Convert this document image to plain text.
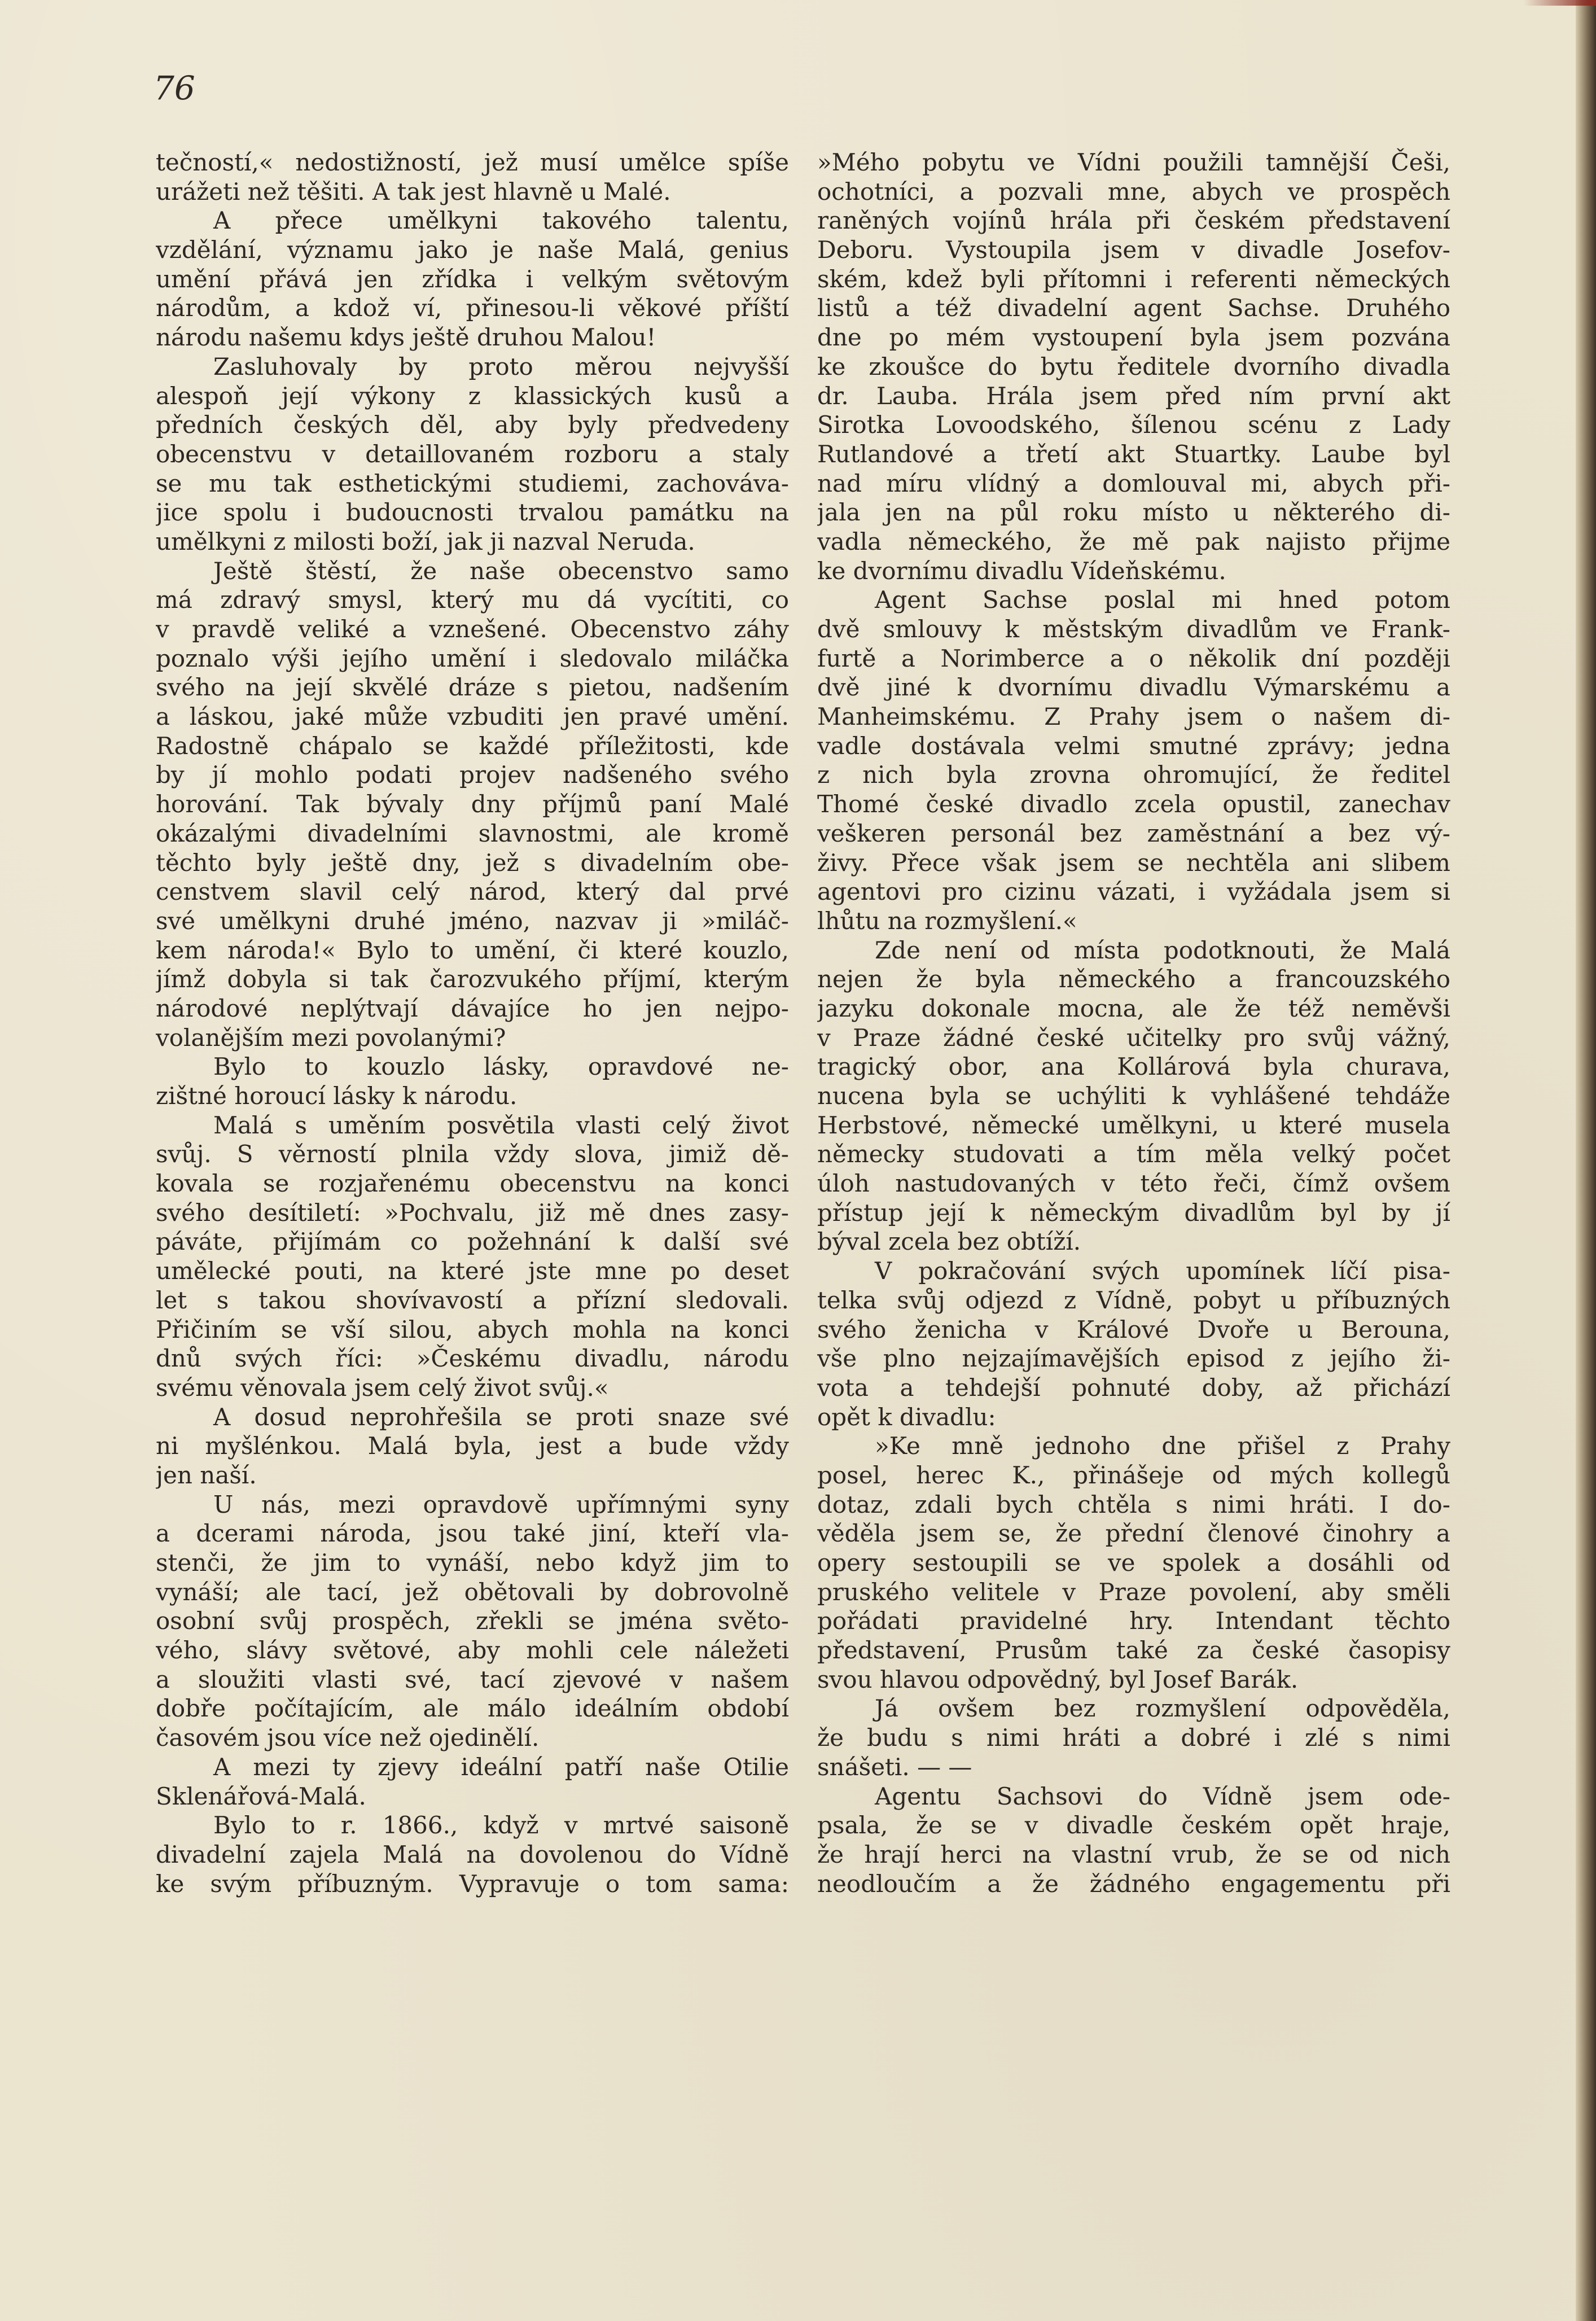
76
tečností,« nedostižností, jež musí umělce spíše
urážeti než těšiti. A tak jest hlavně u Malé.
A přece umělkyni takového talentu,
vzdělání, významu jako je naše Malá, genius
umění přává jen zřídka i velkým světovým
národům, a kdož ví, přinesou-li věkové příští
národu našemu kdys ještě druhou Malou!
Zasluhovaly by proto měrou nejvyšší
alespoň její výkony z klassických kusů a
předních českých děl, aby byly předvedeny
obecenstvu v detaillovaném rozboru a staly
se mu tak esthetickými studiemi, zachováva-
jice spolu i budoucnosti trvalou památku na
umělkyni z milosti boží, jak ji nazval Neruda.
Ještě štěstí, že naše obecenstvo samo
má zdravý smysl, který mu dá vycítiti, co
v pravdě veliké a vznešené. Obecenstvo záhy
poznalo výši jejího umění i sledovalo miláčka
svého na její skvělé dráze s pietou, nadšením
a láskou, jaké může vzbuditi jen pravé umění.
Radostně chápalo se každé příležitosti, kde
by jí mohlo podati projev nadšeného svého
horování. Tak bývaly dny příjmů paní Malé
okázalými divadelními slavnostmi, ale kromě
těchto byly ještě dny, jež s divadelním obe-
censtvem slavil celý národ, který dal prvé
své umělkyni druhé jméno, nazvav ji »miláč-
kem národa!« Bylo to umění, či které kouzlo,
jímž dobyla si tak čarozvukého příjmí, kterým
národové neplýtvají dávajíce ho jen nejpo-
volanějším mezi povolanými?
Bylo to kouzlo lásky, opravdové ne-
zištné horoucí lásky k národu.
Malá s uměním posvětila vlasti celý život
svůj. S věrností plnila vždy slova, jimiž dě-
kovala se rozjařenému obecenstvu na konci
svého desítiletí: »Pochvalu, již mě dnes zasy-
páváte, přijímám co požehnání k další své
umělecké pouti, na které jste mne po deset
let s takou shovívavostí a přízní sledovali.
Přičiním se vší silou, abych mohla na konci
dnů svých říci: »Českému divadlu, národu
svému věnovala jsem celý život svůj.«
A dosud neprohřešila se proti snaze své
ni myšlénkou. Malá byla, jest a bude vždy
jen naší.
U nás, mezi opravdově upřímnými syny
a dcerami národa, jsou také jiní, kteří vla-
stenči, že jim to vynáší, nebo když jim to
vynáší; ale tací, jež obětovali by dobrovolně
osobní svůj prospěch, zřekli se jména světo-
vého, slávy světové, aby mohli cele náležeti
a sloužiti vlasti své, tací zjevové v našem
dobře počítajícím, ale málo ideálním období
časovém jsou více než ojedinělí.
A mezi ty zjevy ideální patří naše Otilie
Sklenářová-Malá.
Bylo to r. 1866., když v mrtvé saisoně
divadelní zajela Malá na dovolenou do Vídně
ke svým příbuzným. Vypravuje o tom sama:
»Mého pobytu ve Vídni použili tamnější Češi,
ochotníci, a pozvali mne, abych ve prospěch
raněných vojínů hrála při českém představení
Deboru. Vystoupila jsem v divadle Josefov-
ském, kdež byli přítomni i referenti německých
listů a též divadelní agent Sachse. Druhého
dne po mém vystoupení byla jsem pozvána
ke zkoušce do bytu ředitele dvorního divadla
dr. Lauba. Hrála jsem před ním první akt
Sirotka Lovoodského, šílenou scénu z Lady
Rutlandové a třetí akt Stuartky. Laube byl
nad míru vlídný a domlouval mi, abych při-
jala jen na půl roku místo u některého di-
vadla německého, že mě pak najisto přijme
ke dvornímu divadlu Vídeňskému.
Agent Sachse poslal mi hned potom
dvě smlouvy k městským divadlům ve Frank-
furtě a Norimberce a o několik dní později
dvě jiné k dvornímu divadlu Výmarskému a
Manheimskému. Z Prahy jsem o našem di-
vadle dostávala velmi smutné zprávy; jedna
z nich byla zrovna ohromující, že ředitel
Thomé české divadlo zcela opustil, zanechav
veškeren personál bez zaměstnání a bez vý-
živy. Přece však jsem se nechtěla ani slibem
agentovi pro cizinu vázati, i vyžádala jsem si
lhůtu na rozmyšlení.«
Zde není od místa podotknouti, že Malá
nejen že byla německého a francouzského
jazyku dokonale mocna, ale že též neměvši
v Praze žádné české učitelky pro svůj vážný,
tragický obor, ana Kollárová byla churava,
nucena byla se uchýliti k vyhlášené tehdáže
Herbstové, německé umělkyni, u které musela
německy studovati a tím měla velký počet
úloh nastudovaných v této řeči, čímž ovšem
přístup její k německým divadlům byl by jí
býval zcela bez obtíží.
V pokračování svých upomínek líčí pisa-
telka svůj odjezd z Vídně, pobyt u příbuzných
svého ženicha v Králové Dvoře u Berouna,
vše plno nejzajímavějších episod z jejího ži-
vota a tehdejší pohnuté doby, až přichází
opět k divadlu:
»Ke mně jednoho dne přišel z Prahy
posel, herec K., přinášeje od mých kollegů
dotaz, zdali bych chtěla s nimi hráti. I do-
věděla jsem se, že přední členové činohry a
opery sestoupili se ve spolek a dosáhli od
pruského velitele v Praze povolení, aby směli
pořádati pravidelné hry. Intendant těchto
představení, Prusům také za české časopisy
svou hlavou odpovědný, byl Josef Barák.
Já ovšem bez rozmyšlení odpověděla,
že budu s nimi hráti a dobré i zlé s nimi
snášeti. — —
Agentu Sachsovi do Vídně jsem ode-
psala, že se v divadle českém opět hraje,
že hrají herci na vlastní vrub, že se od nich
neodloučím a že žádného engagementu při
